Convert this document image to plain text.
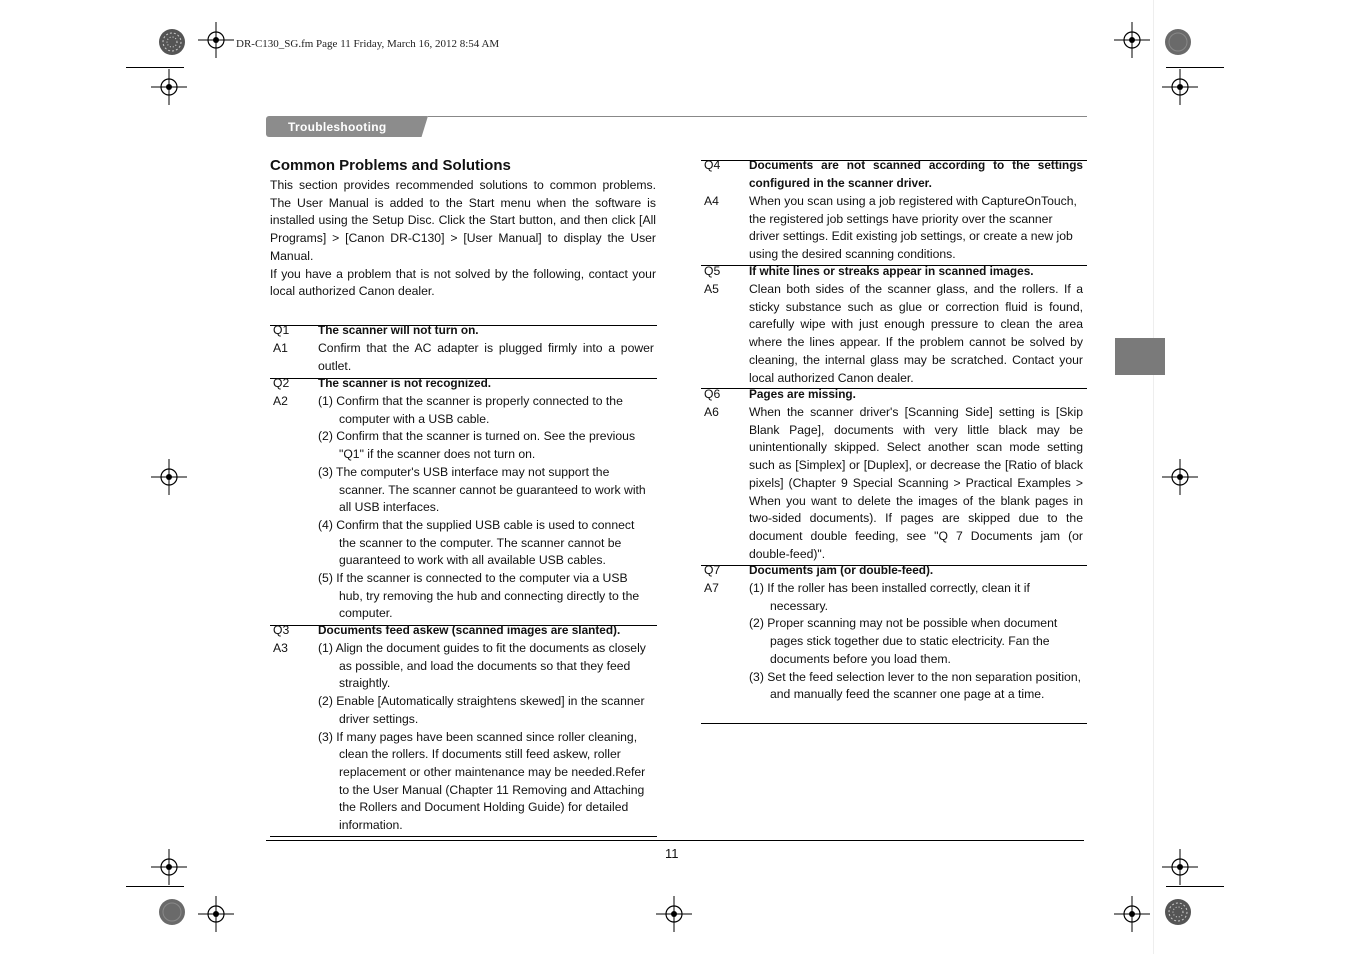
DR-C130_SG.fm Page 11 Friday, March 16, 2012 8:54 AM
Troubleshooting
Common Problems and Solutions

This section provides recommended solutions to common problems. The User Manual is added to the Start menu when the software is installed using the Setup Disc. Click the Start button, and then click [All Programs] > [Canon DR-C130] > [User Manual] to display the User Manual.

If you have a problem that is not solved by the following, contact your local authorized Canon dealer.

Q1 The scanner will not turn on.
A1 Confirm that the AC adapter is plugged firmly into a power outlet.

Q2 The scanner is not recognized.
A2 (1) Confirm that the scanner is properly connected to the computer with a USB cable.

(2) Confirm that the scanner is turned on. See the previous "Q1" if the scanner does not turn on.

(3) The computer's USB interface may not support the scanner. The scanner cannot be guaranteed to work with all USB interfaces.

(4) Confirm that the supplied USB cable is used to connect the scanner to the computer. The scanner cannot be guaranteed to work with all available USB cables.

(5) If the scanner is connected to the computer via a USB hub, try removing the hub and connecting directly to the computer.

Q3 Documents feed askew (scanned images are slanted).
A3 (1) Align the document guides to fit the documents as closely as possible, and load the documents so that they feed straightly.

(2) Enable [Automatically straightens skewed] in the scanner driver settings.

(3) If many pages have been scanned since roller cleaning, clean the rollers. If documents still feed askew, roller replacement or other maintenance may be needed.Refer to the User Manual (Chapter 11 Removing and Attaching the Rollers and Document Holding Guide) for detailed information.

Q4 Documents are not scanned according to the settings configured in the scanner driver.
A4 When you scan using a job registered with CaptureOnTouch, the registered job settings have priority over the scanner driver settings. Edit existing job settings, or create a new job using the desired scanning conditions.

Q5 If white lines or streaks appear in scanned images.
A5 Clean both sides of the scanner glass, and the rollers. If a sticky substance such as glue or correction fluid is found, carefully wipe with just enough pressure to clean the area where the lines appear. If the problem cannot be solved by cleaning, the internal glass may be scratched. Contact your local authorized Canon dealer.

Q6 Pages are missing.
A6 When the scanner driver's [Scanning Side] setting is [Skip Blank Page], documents with very little black may be unintentionally skipped. Select another scan mode setting such as [Simplex] or [Duplex], or decrease the [Ratio of black pixels] (Chapter 9 Special Scanning > Practical Examples > When you want to delete the images of the blank pages in two-sided documents). If pages are skipped due to the document double feeding, see "Q 7 Documents jam (or double-feed)".

Q7 Documents jam (or double-feed).
A7 (1) If the roller has been installed correctly, clean it if necessary.

(2) Proper scanning may not be possible when document pages stick together due to static electricity. Fan the documents before you load them.

(3) Set the feed selection lever to the non separation position, and manually feed the scanner one page at a time.

11
